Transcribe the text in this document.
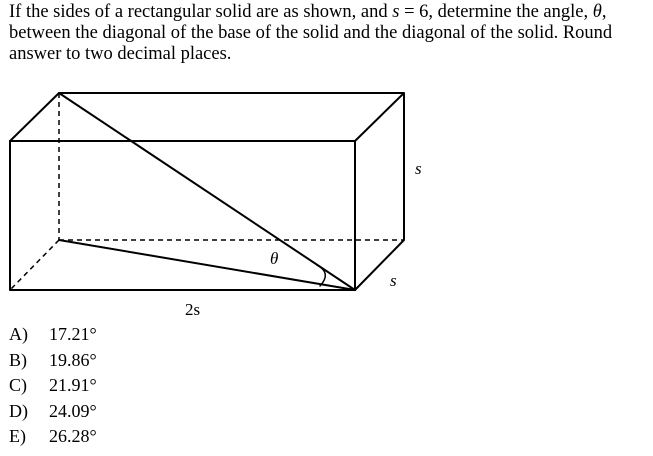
If the sides of a rectangular solid are as shown, and s = 6, determine the angle, θ, between the diagonal of the base of the solid and the diagonal of the solid. Round answer to two decimal places.
s
s
θ
2s
A) 17.21°
B) 19.86°
C) 21.91°
D) 24.09°
E) 26.28°
